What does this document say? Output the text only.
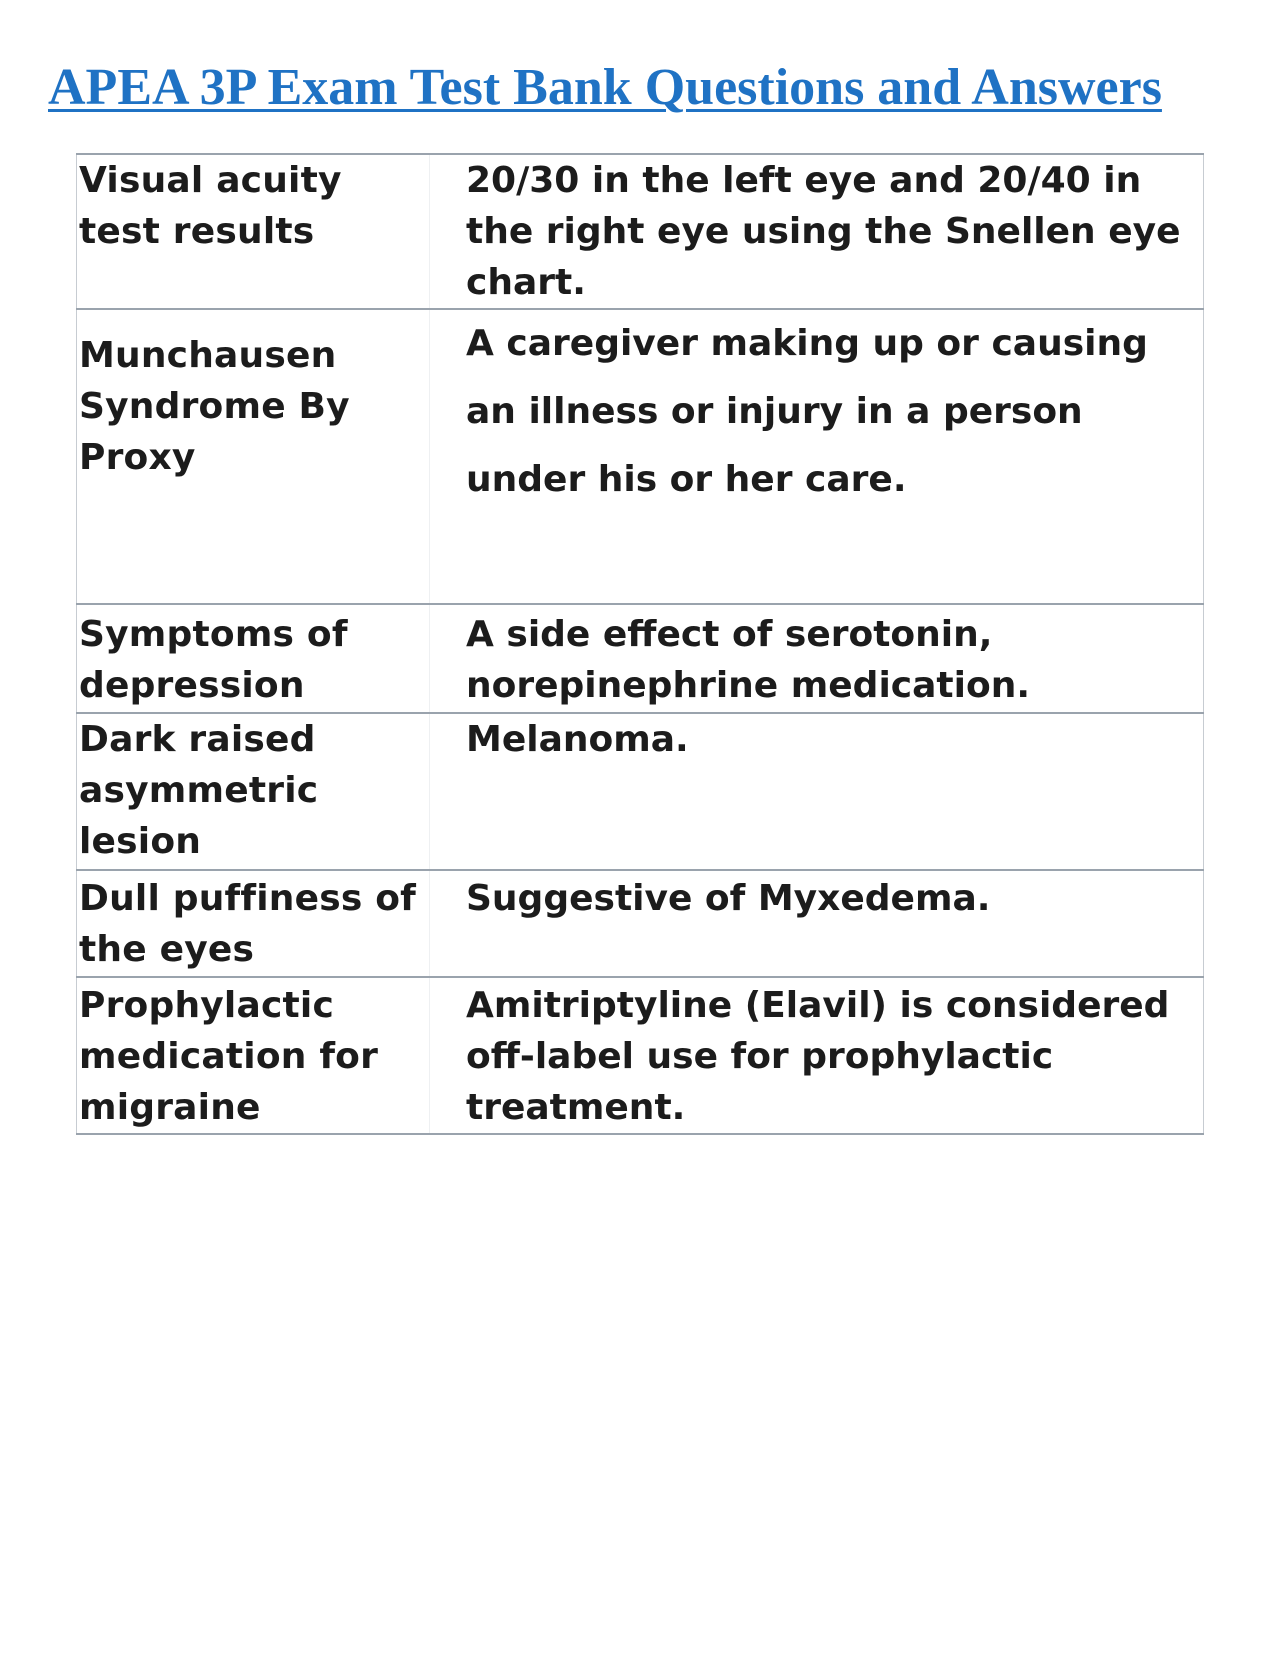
APEA 3P Exam Test Bank Questions and Answers
Visual acuity test results	20/30 in the left eye and 20/40 in the right eye using the Snellen eye chart.
Munchausen Syndrome By Proxy	A caregiver making up or causing an illness or injury in a person under his or her care.
Symptoms of depression	A side effect of serotonin, norepinephrine medication.
Dark raised asymmetric lesion	Melanoma.
Dull puffiness of the eyes	Suggestive of Myxedema.
Prophylactic medication for migraine	Amitriptyline (Elavil) is considered off-label use for prophylactic treatment.
